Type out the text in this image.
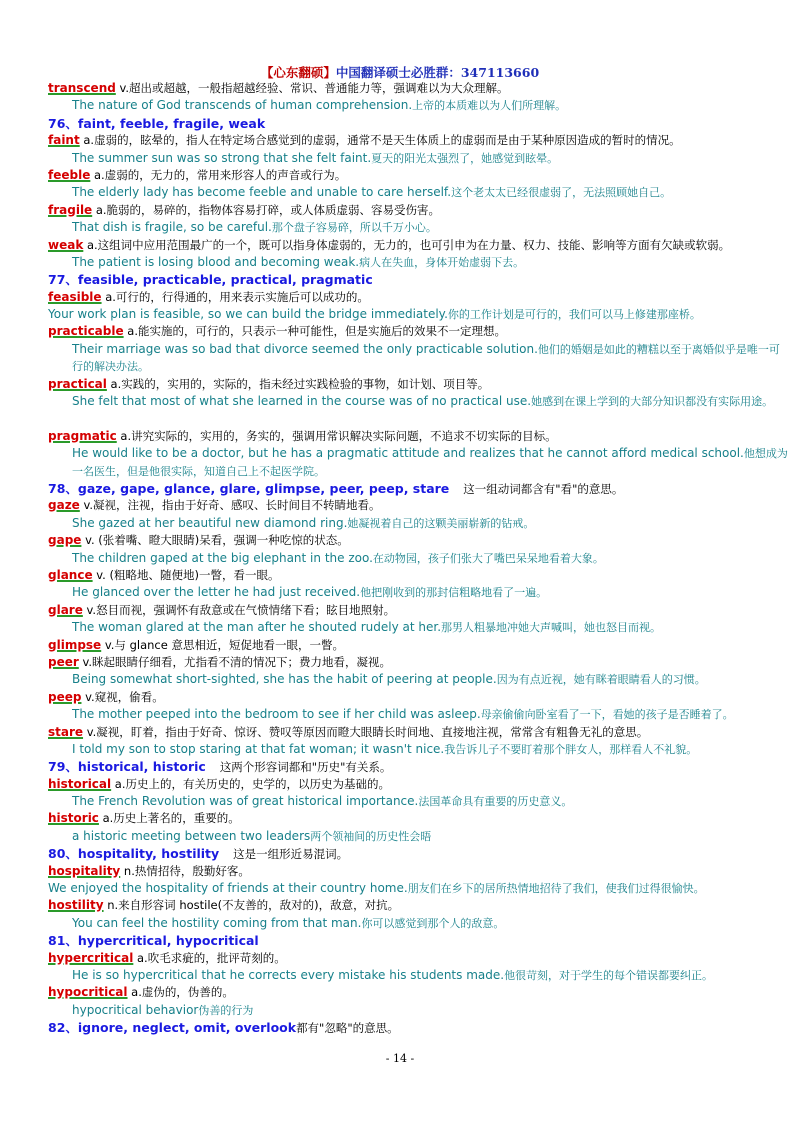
【心东翻硕】中国翻译硕士必胜群：347113660
transcend v.超出或超越，一般指超越经验、常识、普通能力等，强调难以为大众理解。
The nature of God transcends of human comprehension.上帝的本质难以为人们所理解。
76、faint, feeble, fragile, weak
faint a.虚弱的，眩晕的，指人在特定场合感觉到的虚弱，通常不是天生体质上的虚弱而是由于某种原因造成的暂时的情况。
The summer sun was so strong that she felt faint.夏天的阳光太强烈了，她感觉到眩晕。
feeble a.虚弱的，无力的，常用来形容人的声音或行为。
The elderly lady has become feeble and unable to care herself.这个老太太已经很虚弱了，无法照顾她自己。
fragile a.脆弱的，易碎的，指物体容易打碎，或人体质虚弱、容易受伤害。
That dish is fragile, so be careful.那个盘子容易碎，所以千万小心。
weak a.这组词中应用范围最广的一个，既可以指身体虚弱的，无力的，也可引申为在力量、权力、技能、影响等方面有欠缺或软弱。
The patient is losing blood and becoming weak.病人在失血，身体开始虚弱下去。
77、feasible, practicable, practical, pragmatic
feasible a.可行的，行得通的，用来表示实施后可以成功的。
Your work plan is feasible, so we can build the bridge immediately.你的工作计划是可行的，我们可以马上修建那座桥。
practicable a.能实施的，可行的，只表示一种可能性，但是实施后的效果不一定理想。
Their marriage was so bad that divorce seemed the only practicable solution.他们的婚姻是如此的糟糕以至于离婚似乎是唯一可行的解决办法。
practical a.实践的，实用的，实际的，指未经过实践检验的事物，如计划、项目等。
She felt that most of what she learned in the course was of no practical use.她感到在课上学到的大部分知识都没有实际用途。
pragmatic a.讲究实际的，实用的，务实的，强调用常识解决实际问题，不追求不切实际的目标。
He would like to be a doctor, but he has a pragmatic attitude and realizes that he cannot afford medical school.他想成为一名医生，但是他很实际，知道自己上不起医学院。
78、gaze, gape, glance, glare, glimpse, peer, peep, stare 这一组动词都含有"看"的意思。
gaze v.凝视，注视，指由于好奇、感叹、长时间目不转睛地看。
She gazed at her beautiful new diamond ring.她凝视着自己的这颗美丽崭新的钻戒。
gape v. (张着嘴、瞪大眼睛)呆看，强调一种吃惊的状态。
The children gaped at the big elephant in the zoo.在动物园，孩子们张大了嘴巴呆呆地看着大象。
glance v. (粗略地、随便地)一瞥，看一眼。
He glanced over the letter he had just received.他把刚收到的那封信粗略地看了一遍。
glare v.怒目而视，强调怀有敌意或在气愤情绪下看；眩目地照射。
The woman glared at the man after he shouted rudely at her.那男人粗暴地冲她大声喊叫，她也怒目而视。
glimpse v.与 glance 意思相近，短促地看一眼，一瞥。
peer v.眯起眼睛仔细看，尤指看不清的情况下；费力地看，凝视。
Being somewhat short-sighted, she has the habit of peering at people.因为有点近视，她有眯着眼睛看人的习惯。
peep v.窥视，偷看。
The mother peeped into the bedroom to see if her child was asleep.母亲偷偷向卧室看了一下，看她的孩子是否睡着了。
stare v.凝视，盯着，指由于好奇、惊讶、赞叹等原因而瞪大眼睛长时间地、直接地注视，常常含有粗鲁无礼的意思。
I told my son to stop staring at that fat woman; it wasn't nice.我告诉儿子不要盯着那个胖女人，那样看人不礼貌。
79、historical, historic 这两个形容词都和"历史"有关系。
historical a.历史上的，有关历史的，史学的，以历史为基础的。
The French Revolution was of great historical importance.法国革命具有重要的历史意义。
historic a.历史上著名的，重要的。
a historic meeting between two leaders两个领袖间的历史性会晤
80、hospitality, hostility 这是一组形近易混词。
hospitality n.热情招待，殷勤好客。
We enjoyed the hospitality of friends at their country home.朋友们在乡下的居所热情地招待了我们，使我们过得很愉快。
hostility n.来自形容词 hostile(不友善的，敌对的)，敌意，对抗。
You can feel the hostility coming from that man.你可以感觉到那个人的敌意。
81、hypercritical, hypocritical
hypercritical a.吹毛求疵的，批评苛刻的。
He is so hypercritical that he corrects every mistake his students made.他很苛刻，对于学生的每个错误都要纠正。
hypocritical a.虚伪的，伪善的。
hypocritical behavior伪善的行为
82、ignore, neglect, omit, overlook都有"忽略"的意思。
- 14 -
